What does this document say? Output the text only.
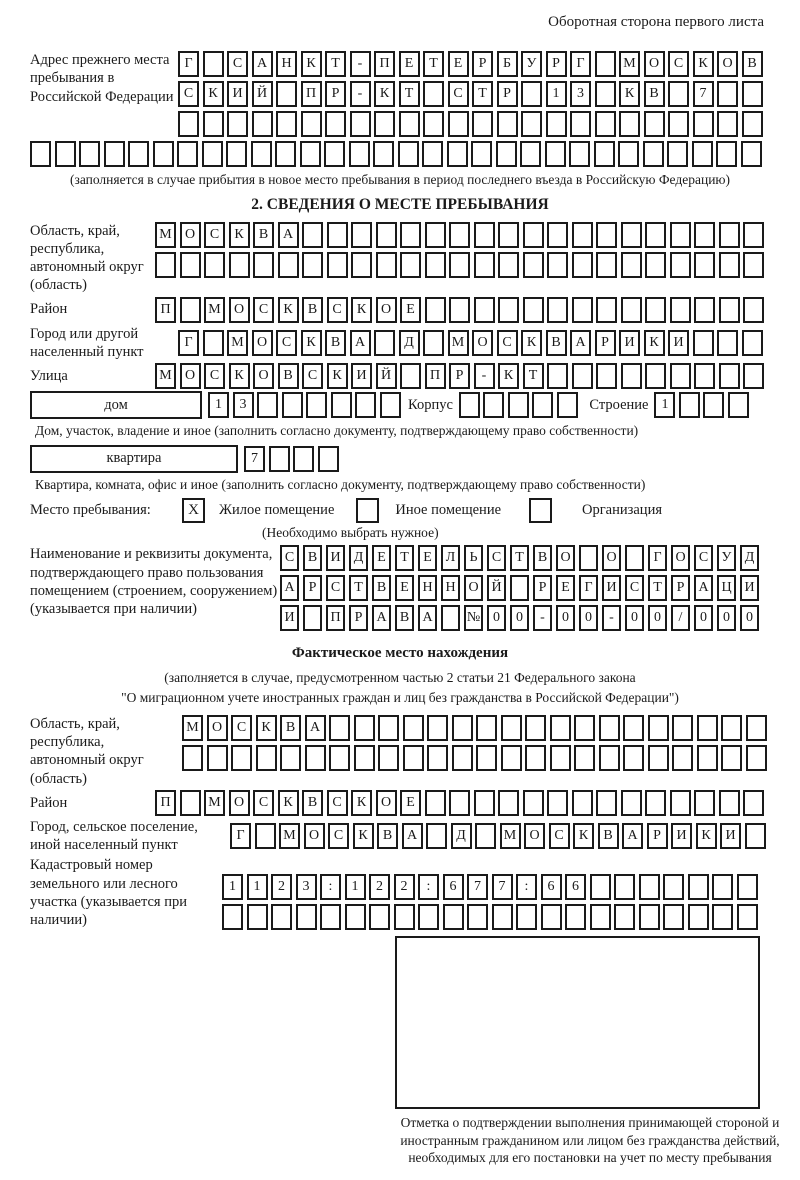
Оборотная сторона первого листа
Адрес прежнего места пребывания в Российской Федерации
Г	С	А	Н	К	Т	-	П	Е	Т	Е	Р	Б	У	Р	Г	М О	С	К	О	В
С	К	И	Й	П	Р	-	К	Т	С	Т	Р	1	3	К	В	7
(заполняется в случае прибытия в новое место пребывания в период последнего въезда в Российскую Федерацию)
2. СВЕДЕНИЯ О МЕСТЕ ПРЕБЫВАНИЯ
Область, край, республика, автономный округ (область)
М О	С	К	В	А
Район	П	М О	С	К	В	С	К	О	Е
Город или другой населенный пункт
Г	М О	С	К	В	А	Д	М О	С	К	В	А	Р	И	К	И
Улица	М О	С	К	О	В	С	К	И	Й	П	Р	-	К	Т
дом	1	3	Корпус	Строение 1
Дом, участок, владение и иное (заполнить согласно документу, подтверждающему право собственности)
квартира	7
Квартира, комната, офис и иное (заполнить согласно документу, подтверждающему право собственности)
Место пребывания:	X	Жилое помещение	Иное помещение	Организация
(Необходимо выбрать нужное)
Наименование и реквизиты документа, подтверждающего право пользования помещением (строением, сооружением) (указывается при наличии)
С В И Д Е	Т	Е Л	Ь	С	Т	В О	О	Г О С У Д
А	Р	С	Т	В	Е Н Н О Й	Р	Е	Г И С	Т	Р	А Ц И
И	П	Р	А В А	№ 0	0	-	0	0	-	0	0	/	0	0	0
Фактическое место нахождения
(заполняется в случае, предусмотренном частью 2 статьи 21 Федерального закона
"О миграционном учете иностранных граждан и лиц без гражданства в Российской Федерации")
Область, край, республика, автономный округ (область)
М О	С	К	В	А
Район	П	М О	С	К	В	С	К	О	Е
Город, сельское поселение, иной населенный пункт
Г	М О	С	К	В	А	Д	М О	С	К	В	А	Р	И	К	И
Кадастровый номер земельного или лесного участка (указывается при наличии)
1	1	2	3	:	1	2	2	:	6	7	7	:	6	6
Отметка о подтверждении выполнения принимающей стороной и иностранным гражданином или лицом без гражданства действий, необходимых для его постановки на учет по месту пребывания
